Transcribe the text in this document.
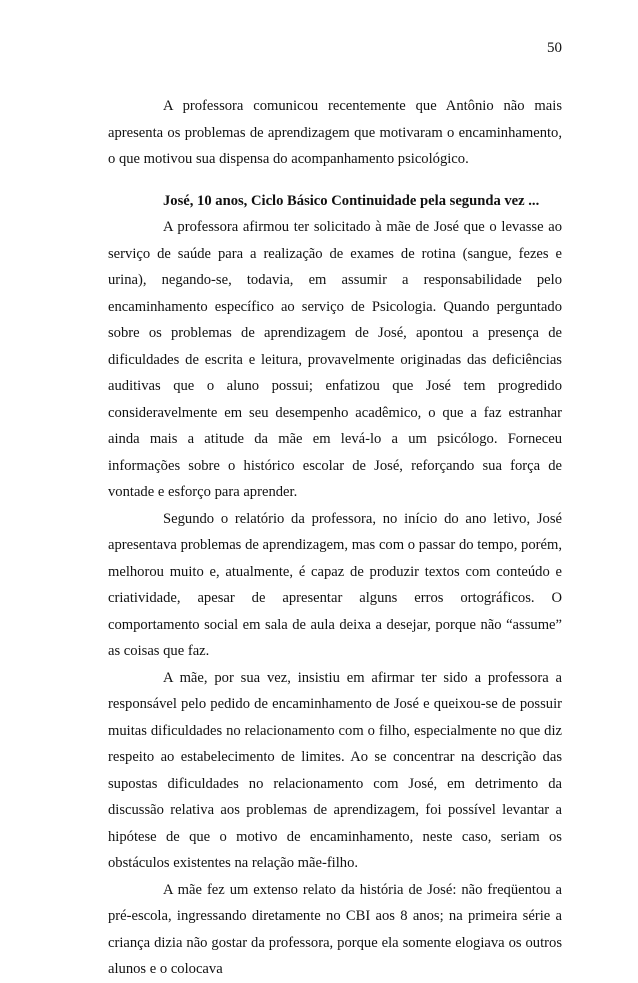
50

A professora comunicou recentemente que Antônio não mais apresenta os problemas de aprendizagem que motivaram o encaminhamento, o que motivou sua dispensa do acompanhamento psicológico.

José, 10 anos, Ciclo Básico Continuidade pela segunda vez ...

A professora afirmou ter solicitado à mãe de José que o levasse ao serviço de saúde para a realização de exames de rotina (sangue, fezes e urina), negando-se, todavia, em assumir a responsabilidade pelo encaminhamento específico ao serviço de Psicologia. Quando perguntado sobre os problemas de aprendizagem de José, apontou a presença de dificuldades de escrita e leitura, provavelmente originadas das deficiências auditivas que o aluno possui; enfatizou que José tem progredido consideravelmente em seu desempenho acadêmico, o que a faz estranhar ainda mais a atitude da mãe em levá-lo a um psicólogo. Forneceu informações sobre o histórico escolar de José, reforçando sua força de vontade e esforço para aprender.

Segundo o relatório da professora, no início do ano letivo, José apresentava problemas de aprendizagem, mas com o passar do tempo, porém, melhorou muito e, atualmente, é capaz de produzir textos com conteúdo e criatividade, apesar de apresentar alguns erros ortográficos. O comportamento social em sala de aula deixa a desejar, porque não “assume” as coisas que faz.

A mãe, por sua vez, insistiu em afirmar ter sido a professora a responsável pelo pedido de encaminhamento de José e queixou-se de possuir muitas dificuldades no relacionamento com o filho, especialmente no que diz respeito ao estabelecimento de limites. Ao se concentrar na descrição das supostas dificuldades no relacionamento com José, em detrimento da discussão relativa aos problemas de aprendizagem, foi possível levantar a hipótese de que o motivo de encaminhamento, neste caso, seriam os obstáculos existentes na relação mãe-filho.

A mãe fez um extenso relato da história de José: não freqüentou a pré-escola, ingressando diretamente no CBI aos 8 anos; na primeira série a criança dizia não gostar da professora, porque ela somente elogiava os outros alunos e o colocava
